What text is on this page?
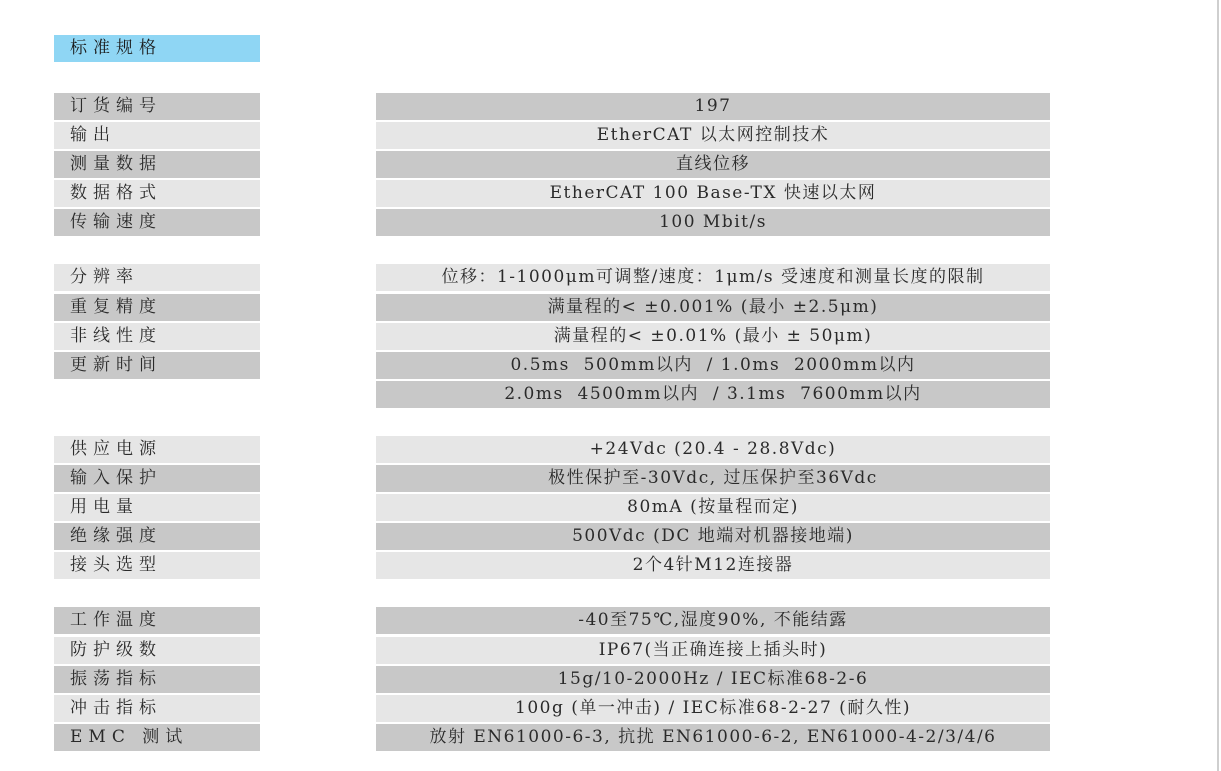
标准规格
订货编号	197
输出	EtherCAT 以太网控制技术
测量数据	直线位移
数据格式	EtherCAT 100 Base-TX 快速以太网
传输速度	100 Mbit/s
分辨率	位移：1-1000μm可调整/速度：1μm/s 受速度和测量长度的限制
重复精度	满量程的< ±0.001% (最小 ±2.5μm)
非线性度	满量程的< ±0.01% (最小 ± 50μm)
更新时间	0.5ms  500mm以内  / 1.0ms  2000mm以内
2.0ms  4500mm以内  / 3.1ms  7600mm以内
供应电源	+24Vdc (20.4 - 28.8Vdc)
输入保护	极性保护至-30Vdc, 过压保护至36Vdc
用电量	80mA (按量程而定)
绝缘强度	500Vdc (DC 地端对机器接地端)
接头选型	2个4针M12连接器
工作温度	-40至75℃,湿度90%, 不能结露
防护级数	IP67(当正确连接上插头时)
振荡指标	15g/10-2000Hz / IEC标准68-2-6
冲击指标	100g (单一冲击) / IEC标准68-2-27 (耐久性)
EMC 测试	放射 EN61000-6-3, 抗扰 EN61000-6-2, EN61000-4-2/3/4/6
